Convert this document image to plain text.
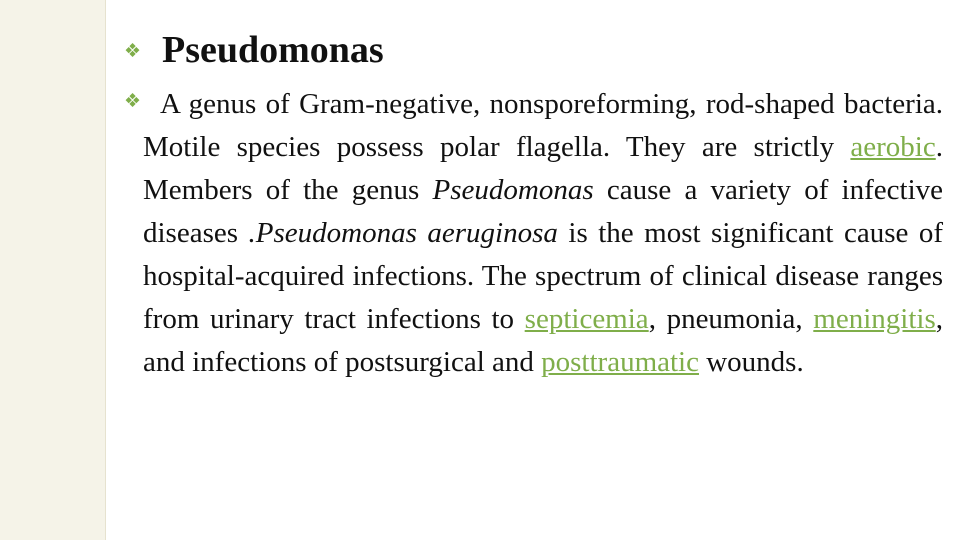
❖ Pseudomonas
❖ A genus of Gram-negative, nonsporeforming, rod-shaped bacteria. Motile species possess polar flagella. They are strictly aerobic. Members of the genus Pseudomonas cause a variety of infective diseases .Pseudomonas aeruginosa is the most significant cause of hospital-acquired infections. The spectrum of clinical disease ranges from urinary tract infections to septicemia, pneumonia, meningitis, and infections of postsurgical and posttraumatic wounds.
